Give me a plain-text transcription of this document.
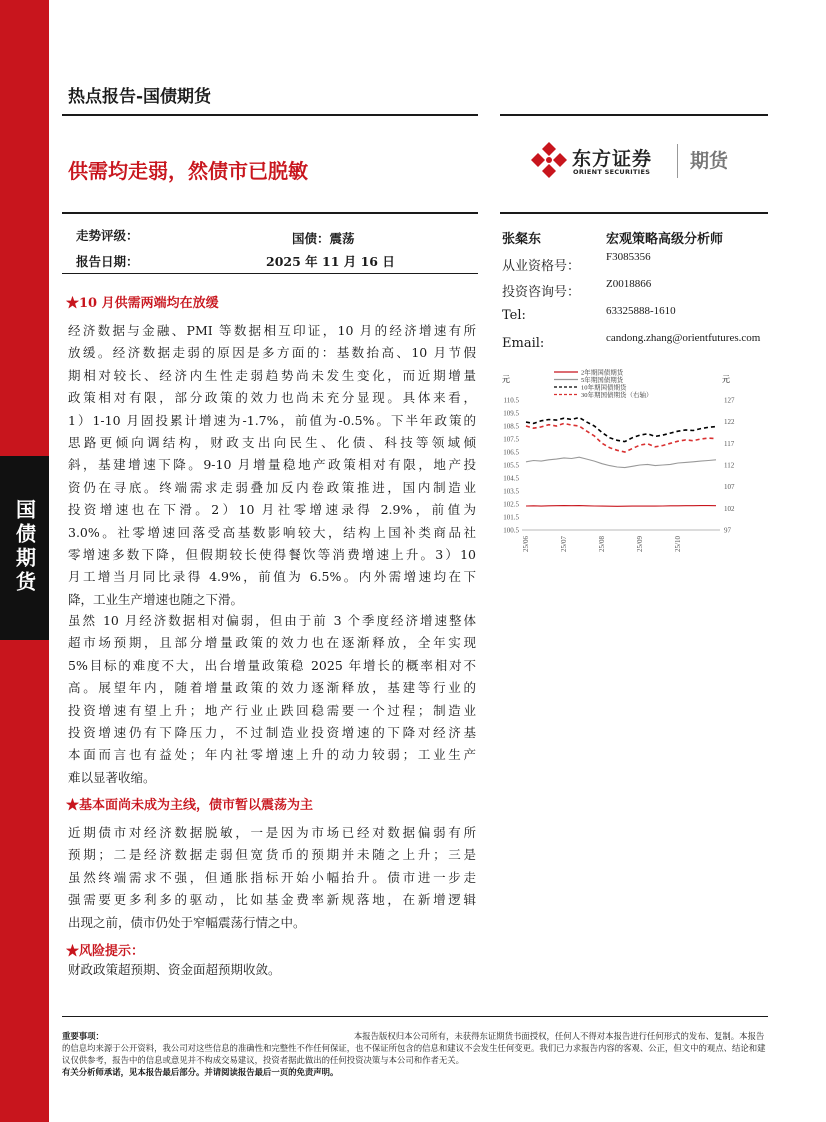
国债期货
热点报告-国债期货
供需均走弱，然债市已脱敏	东方证券
ORIENT SECURITIES 期货
走势评级：	国债：震荡
报告日期：	2025 年 11 月 16 日
张粲东	宏观策略高级分析师
从业资格号：
F3085356
投资咨询号：
Z0018866
Tel:	63325888-1610
Email:	candong.zhang@orientfutures.com
元	元
100.5
101.5
102.5
103.5
104.5
105.5
106.5
107.5
108.5
109.5
110.5
97
102
107
112
117
122
127
25/06	25/07	25/08	25/09	25/10
2年期国债期货
5年期国债期货
10年期国债期货
30年期国债期货（右轴）
★10 月供需两端均在放缓
经济数据与金融、PMI 等数据相互印证，10 月的经济增速有所
放缓。经济数据走弱的原因是多方面的：基数抬高、10 月节假
期相对较长、经济内生性走弱趋势尚未发生变化，而近期增量
政策相对有限，部分政策的效力也尚未充分显现。具体来看，
1）1-10 月固投累计增速为-1.7%，前值为-0.5%。下半年政策的
思路更倾向调结构，财政支出向民生、化债、科技等领域倾
斜，基建增速下降。9-10 月增量稳地产政策相对有限，地产投
资仍在寻底。终端需求走弱叠加反内卷政策推进，国内制造业
投资增速也在下滑。2）10 月社零增速录得 2.9%，前值为
3.0%。社零增速回落受高基数影响较大，结构上国补类商品社
零增速多数下降，但假期较长使得餐饮等消费增速上升。3）10
月工增当月同比录得 4.9%，前值为 6.5%。内外需增速均在下
降，工业生产增速也随之下滑。
虽然 10 月经济数据相对偏弱，但由于前 3 个季度经济增速整体
超市场预期，且部分增量政策的效力也在逐渐释放，全年实现
5%目标的难度不大，出台增量政策稳 2025 年增长的概率相对不
高。展望年内，随着增量政策的效力逐渐释放，基建等行业的
投资增速有望上升；地产行业止跌回稳需要一个过程；制造业
投资增速仍有下降压力，不过制造业投资增速的下降对经济基
本面而言也有益处；年内社零增速上升的动力较弱；工业生产
难以显著收缩。
★基本面尚未成为主线，债市暂以震荡为主
近期债市对经济数据脱敏，一是因为市场已经对数据偏弱有所
预期；二是经济数据走弱但宽货币的预期并未随之上升；三是
虽然终端需求不强，但通胀指标开始小幅抬升。债市进一步走
强需要更多利多的驱动，比如基金费率新规落地，在新增逻辑
出现之前，债市仍处于窄幅震荡行情之中。
★风险提示：
财政政策超预期、资金面超预期收敛。
重要事项：	本报告版权归本公司所有，未获得东证期货书面授权，任何人不得对本报告进行任何形式的发布、复制。本报告的信息均来源于公开资料，我公司对这些信息的准确性和完整性不作任何保证，也不保证所包含的信息和建议不会发生任何变更。我们已力求报告内容的客观、公正，但文中的观点、结论和建议仅供参考，报告中的信息或意见并不构成交易建议，投资者据此做出的任何投资决策与本公司和作者无关。
有关分析师承诺，见本报告最后部分。并请阅读报告最后一页的免责声明。
